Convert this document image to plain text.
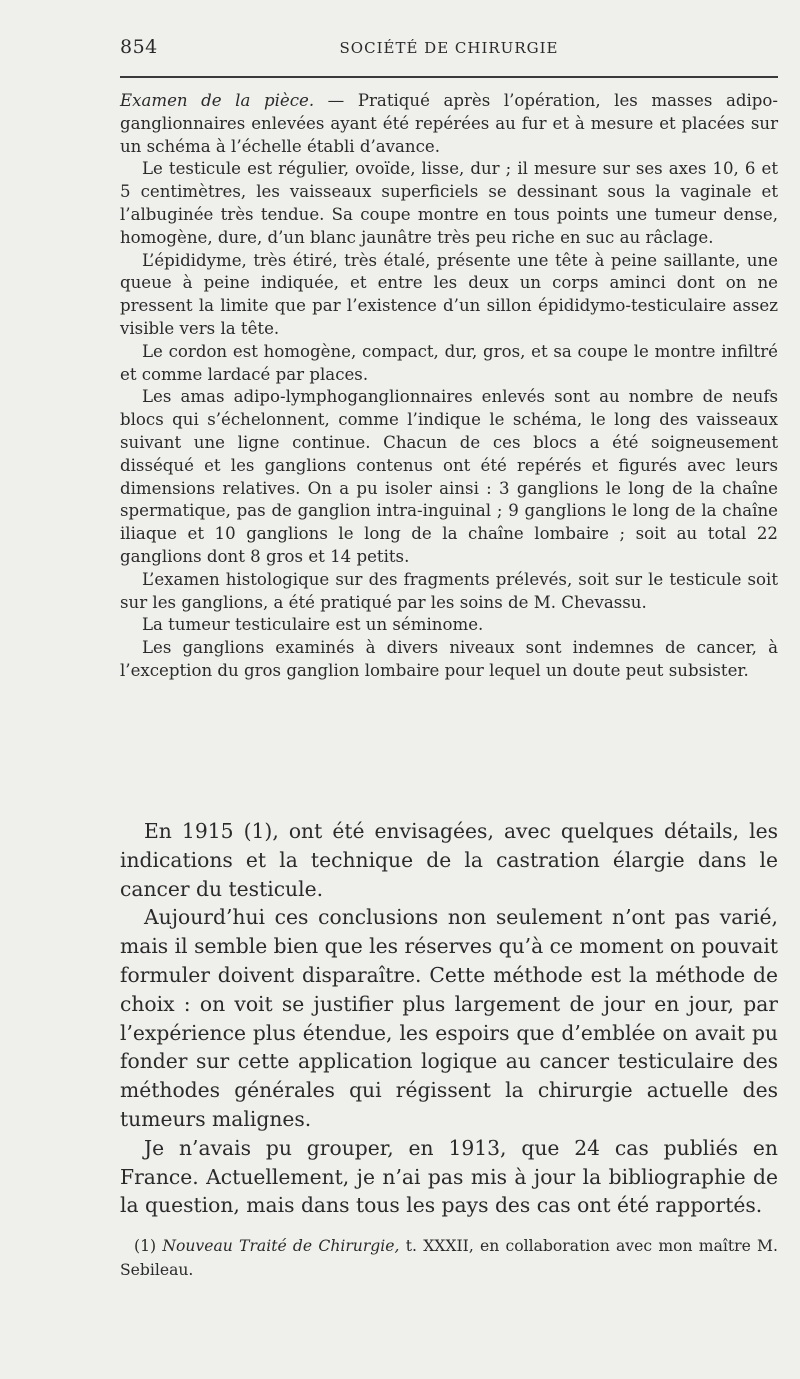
854	SOCIÉTÉ DE CHIRURGIE

Examen de la pièce. — Pratiqué après l’opération, les masses adipo-ganglionnaires enlevées ayant été repérées au fur et à mesure et placées sur un schéma à l’échelle établi d’avance.

Le testicule est régulier, ovoïde, lisse, dur ; il mesure sur ses axes 10, 6 et 5 centimètres, les vaisseaux superficiels se dessinant sous la vaginale et l’albuginée très tendue. Sa coupe montre en tous points une tumeur dense, homogène, dure, d’un blanc jaunâtre très peu riche en suc au râclage.

L’épididyme, très étiré, très étalé, présente une tête à peine saillante, une queue à peine indiquée, et entre les deux un corps aminci dont on ne pressent la limite que par l’existence d’un sillon épididymo-testiculaire assez visible vers la tête.

Le cordon est homogène, compact, dur, gros, et sa coupe le montre infiltré et comme lardacé par places.

Les amas adipo-lymphoganglionnaires enlevés sont au nombre de neufs blocs qui s’échelonnent, comme l’indique le schéma, le long des vaisseaux suivant une ligne continue. Chacun de ces blocs a été soigneusement disséqué et les ganglions contenus ont été repérés et figurés avec leurs dimensions relatives. On a pu isoler ainsi : 3 ganglions le long de la chaîne spermatique, pas de ganglion intra-inguinal ; 9 ganglions le long de la chaîne iliaque et 10 ganglions le long de la chaîne lombaire ; soit au total 22 ganglions dont 8 gros et 14 petits.

L’examen histologique sur des fragments prélevés, soit sur le testicule soit sur les ganglions, a été pratiqué par les soins de M. Chevassu.

La tumeur testiculaire est un séminome.

Les ganglions examinés à divers niveaux sont indemnes de cancer, à l’exception du gros ganglion lombaire pour lequel un doute peut subsister.

En 1915 (1), ont été envisagées, avec quelques détails, les indications et la technique de la castration élargie dans le cancer du testicule.

Aujourd’hui ces conclusions non seulement n’ont pas varié, mais il semble bien que les réserves qu’à ce moment on pouvait formuler doivent disparaître. Cette méthode est la méthode de choix : on voit se justifier plus largement de jour en jour, par l’expérience plus étendue, les espoirs que d’emblée on avait pu fonder sur cette application logique au cancer testiculaire des méthodes générales qui régissent la chirurgie actuelle des tumeurs malignes.

Je n’avais pu grouper, en 1913, que 24 cas publiés en France. Actuellement, je n’ai pas mis à jour la bibliographie de la question, mais dans tous les pays des cas ont été rapportés.

(1) Nouveau Traité de Chirurgie, t. XXXII, en collaboration avec mon maître M. Sebileau.
